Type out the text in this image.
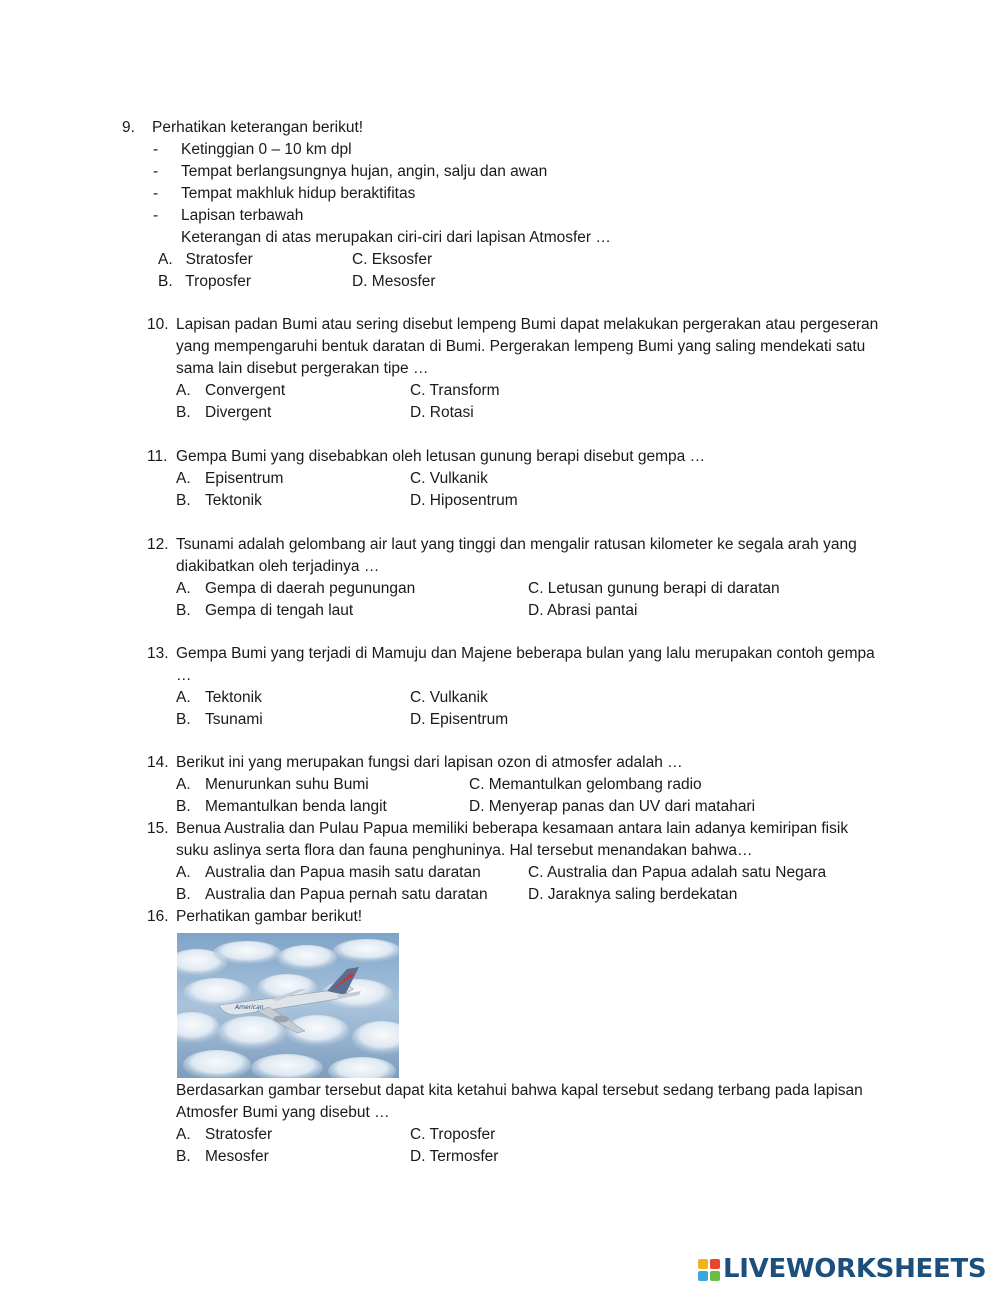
9. Perhatikan keterangan berikut!
- Ketinggian 0 – 10 km dpl
- Tempat berlangsungnya hujan, angin, salju dan awan
- Tempat makhluk hidup beraktifitas
- Lapisan terbawah
Keterangan di atas merupakan ciri-ciri dari lapisan Atmosfer …
A.   Stratosfer
B.   Troposfer
C. Eksosfer
D. Mesosfer
10. Lapisan padan Bumi atau sering disebut lempeng Bumi dapat melakukan pergerakan atau pergeseran yang mempengaruhi bentuk daratan di Bumi. Pergerakan lempeng Bumi yang saling mendekati satu sama lain disebut pergerakan tipe …
A. Convergent
B. Divergent
C. Transform
D. Rotasi
11. Gempa Bumi yang disebabkan oleh letusan gunung berapi disebut gempa …
A. Episentrum
B. Tektonik
C. Vulkanik
D. Hiposentrum
12. Tsunami adalah gelombang air laut yang tinggi dan mengalir ratusan kilometer ke segala arah yang diakibatkan oleh terjadinya …
A. Gempa di daerah pegunungan
B. Gempa di tengah laut
C. Letusan gunung berapi di daratan
D. Abrasi pantai
13. Gempa Bumi yang terjadi di Mamuju dan Majene beberapa bulan yang lalu merupakan contoh gempa …
A. Tektonik
B. Tsunami
C. Vulkanik
D. Episentrum
14. Berikut ini yang merupakan fungsi dari lapisan ozon di atmosfer adalah …
A. Menurunkan suhu Bumi
B. Memantulkan benda langit
C. Memantulkan gelombang radio
D. Menyerap panas dan UV dari matahari
15. Benua Australia dan Pulau Papua memiliki beberapa kesamaan antara lain adanya kemiripan fisik suku aslinya serta flora dan fauna penghuninya. Hal tersebut menandakan bahwa…
A. Australia dan Papua masih satu daratan
B. Australia dan Papua pernah satu daratan
C. Australia dan Papua adalah satu Negara
D. Jaraknya saling berdekatan
16. Perhatikan gambar berikut!
Berdasarkan gambar tersebut dapat kita ketahui bahwa kapal tersebut sedang terbang pada lapisan Atmosfer Bumi yang disebut …
A. Stratosfer
B. Mesosfer
C. Troposfer
D. Termosfer
American
LIVEWORKSHEETS
